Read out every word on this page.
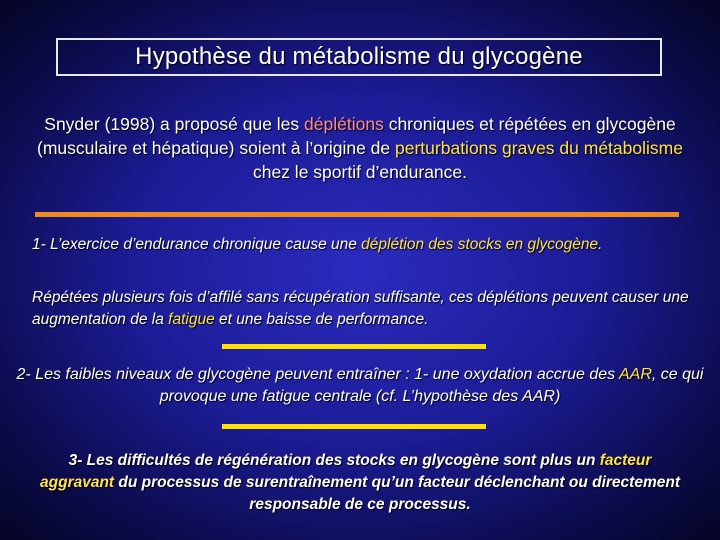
Hypothèse du métabolisme du glycogène

Snyder (1998) a proposé que les déplétions chroniques et répétées en glycogène (musculaire et hépatique) soient à l’origine de perturbations graves du métabolisme chez le sportif d’endurance.

1- L’exercice d’endurance chronique cause une déplétion des stocks en glycogène.

Répétées plusieurs fois d’affilé sans récupération suffisante, ces déplétions peuvent causer une augmentation de la fatigue et une baisse de performance.

2- Les faibles niveaux de glycogène peuvent entraîner : 1- une oxydation accrue des AAR, ce qui provoque une fatigue centrale (cf. L’hypothèse des AAR)

3- Les difficultés de régénération des stocks en glycogène sont plus un facteur aggravant du processus de surentraînement qu’un facteur déclenchant ou directement responsable de ce processus.
